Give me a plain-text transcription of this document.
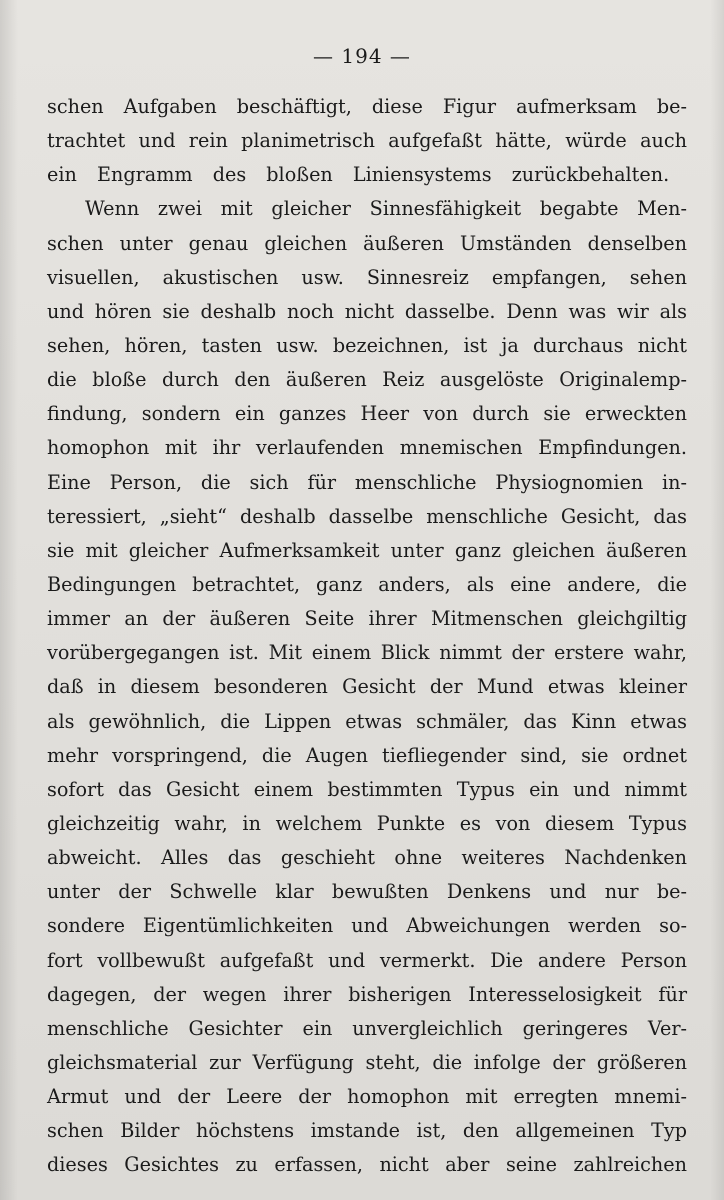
— 194 —
schen Aufgaben beschäftigt, diese Figur aufmerksam be-
trachtet und rein planimetrisch aufgefaßt hätte, würde auch
ein Engramm des bloßen Liniensystems zurückbehalten.
Wenn zwei mit gleicher Sinnesfähigkeit begabte Men-
schen unter genau gleichen äußeren Umständen denselben
visuellen, akustischen usw. Sinnesreiz empfangen, sehen
und hören sie deshalb noch nicht dasselbe. Denn was wir als
sehen, hören, tasten usw. bezeichnen, ist ja durchaus nicht
die bloße durch den äußeren Reiz ausgelöste Originalemp-
findung, sondern ein ganzes Heer von durch sie erweckten
homophon mit ihr verlaufenden mnemischen Empfindungen.
Eine Person, die sich für menschliche Physiognomien in-
teressiert, „sieht“ deshalb dasselbe menschliche Gesicht, das
sie mit gleicher Aufmerksamkeit unter ganz gleichen äußeren
Bedingungen betrachtet, ganz anders, als eine andere, die
immer an der äußeren Seite ihrer Mitmenschen gleichgiltig
vorübergegangen ist. Mit einem Blick nimmt der erstere wahr,
daß in diesem besonderen Gesicht der Mund etwas kleiner
als gewöhnlich, die Lippen etwas schmäler, das Kinn etwas
mehr vorspringend, die Augen tiefliegender sind, sie ordnet
sofort das Gesicht einem bestimmten Typus ein und nimmt
gleichzeitig wahr, in welchem Punkte es von diesem Typus
abweicht. Alles das geschieht ohne weiteres Nachdenken
unter der Schwelle klar bewußten Denkens und nur be-
sondere Eigentümlichkeiten und Abweichungen werden so-
fort vollbewußt aufgefaßt und vermerkt. Die andere Person
dagegen, der wegen ihrer bisherigen Interesselosigkeit für
menschliche Gesichter ein unvergleichlich geringeres Ver-
gleichsmaterial zur Verfügung steht, die infolge der größeren
Armut und der Leere der homophon mit erregten mnemi-
schen Bilder höchstens imstande ist, den allgemeinen Typ
dieses Gesichtes zu erfassen, nicht aber seine zahlreichen
